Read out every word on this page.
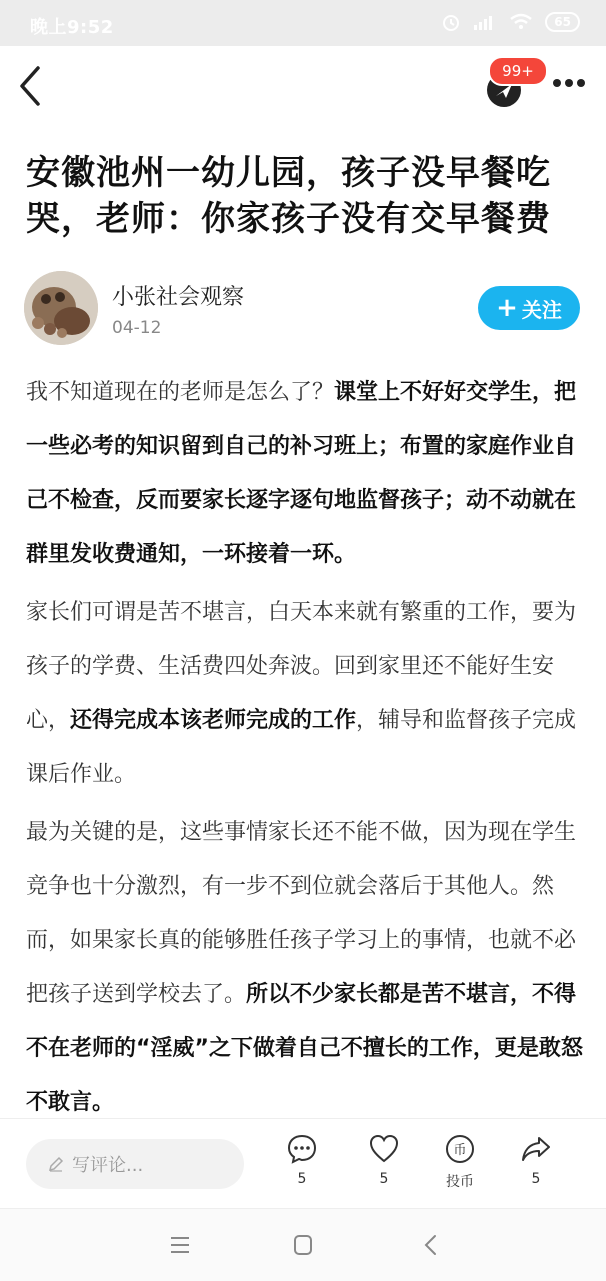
晚上9:52	65
99+
安徽池州一幼儿园，孩子没早餐吃哭，老师：你家孩子没有交早餐费
小张社会观察
04-12
+ 关注

我不知道现在的老师是怎么了？课堂上不好好交学生，把一些必考的知识留到自己的补习班上；布置的家庭作业自己不检查，反而要家长逐字逐句地监督孩子；动不动就在群里发收费通知，一环接着一环。

家长们可谓是苦不堪言，白天本来就有繁重的工作，要为孩子的学费、生活费四处奔波。回到家里还不能好生安心，还得完成本该老师完成的工作，辅导和监督孩子完成课后作业。

最为关键的是，这些事情家长还不能不做，因为现在学生竞争也十分激烈，有一步不到位就会落后于其他人。然而，如果家长真的能够胜任孩子学习上的事情，也就不必把孩子送到学校去了。所以不少家长都是苦不堪言，不得不在老师的“淫威”之下做着自己不擅长的工作，更是敢怒不敢言。

写评论...
5	5
币
投币	5
